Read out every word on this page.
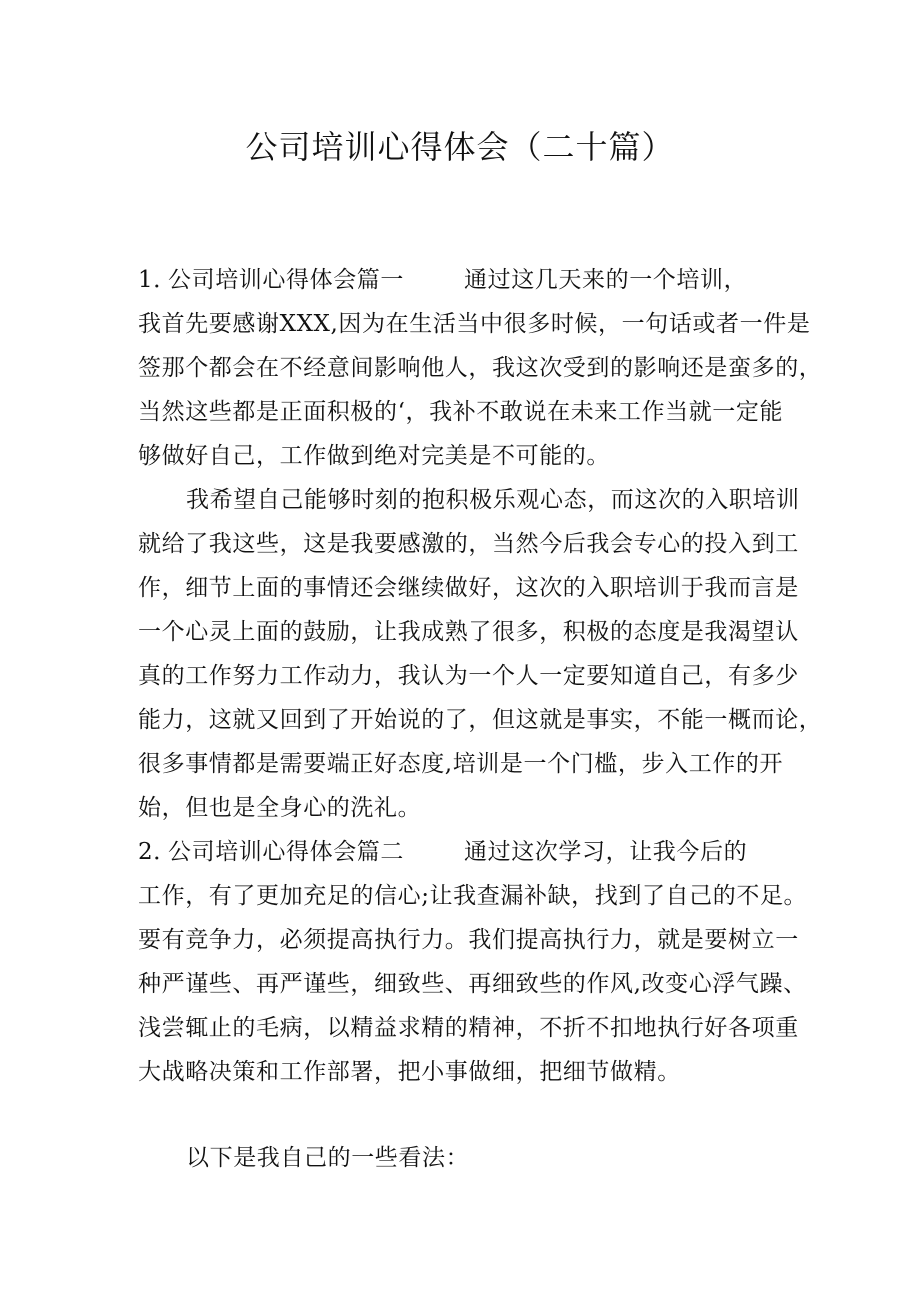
公司培训心得体会（二十篇）
1．公司培训心得体会篇一	通过这几天来的一个培训，
我首先要感谢XXX,因为在生活当中很多时候，一句话或者一件是
签那个都会在不经意间影响他人，我这次受到的影响还是蛮多的，
当然这些都是正面积极的‘，我补不敢说在未来工作当就一定能
够做好自己，工作做到绝对完美是不可能的。
我希望自己能够时刻的抱积极乐观心态，而这次的入职培训
就给了我这些，这是我要感激的，当然今后我会专心的投入到工
作，细节上面的事情还会继续做好，这次的入职培训于我而言是
一个心灵上面的鼓励，让我成熟了很多，积极的态度是我渴望认
真的工作努力工作动力，我认为一个人一定要知道自己，有多少
能力，这就又回到了开始说的了，但这就是事实，不能一概而论，
很多事情都是需要端正好态度,培训是一个门槛，步入工作的开
始，但也是全身心的洗礼。
2．公司培训心得体会篇二	通过这次学习，让我今后的
工作，有了更加充足的信心;让我查漏补缺，找到了自己的不足。
要有竞争力，必须提高执行力。我们提高执行力，就是要树立一
种严谨些、再严谨些，细致些、再细致些的作风,改变心浮气躁、
浅尝辄止的毛病，以精益求精的精神，不折不扣地执行好各项重
大战略决策和工作部署，把小事做细，把细节做精。
以下是我自己的一些看法：
